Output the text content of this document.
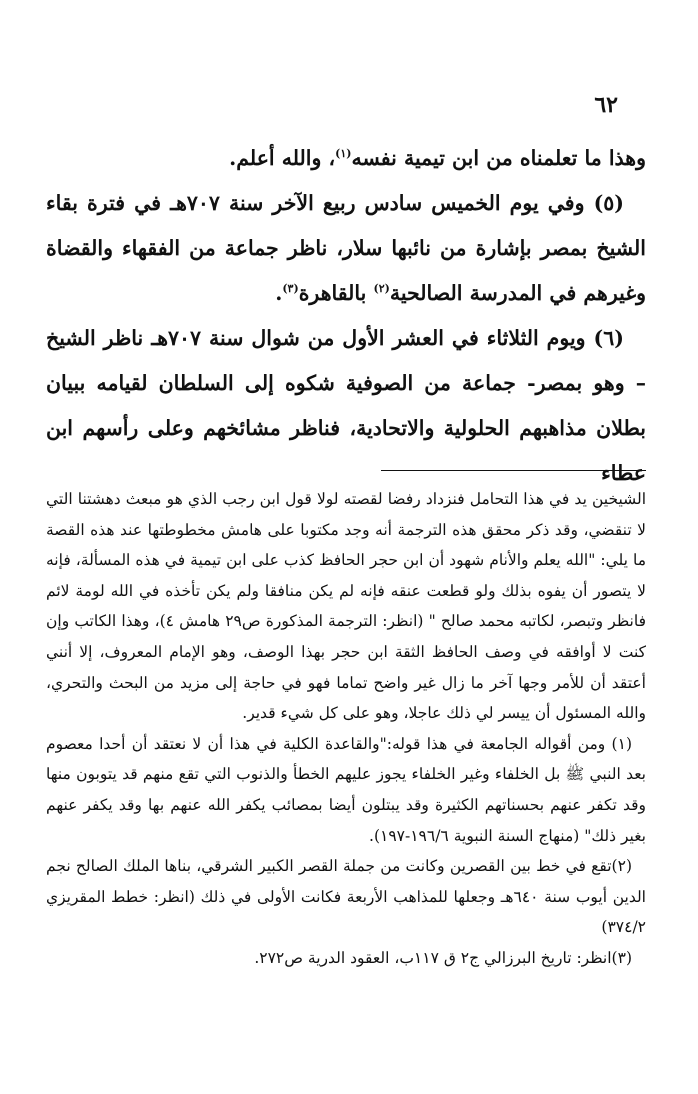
٦٢

وهذا ما تعلمناه من ابن تيمية نفسه$^{(١)}$، والله أعلم.

(٥) وفي يوم الخميس سادس ربيع الآخر سنة ٧٠٧هـ في فترة بقاء الشيخ بمصر بإشارة من نائبها سلار، ناظر جماعة من الفقهاء والقضاة وغيرهم في المدرسة الصالحية$^{(٢)}$ بالقاهرة$^{(٣)}$.

(٦) ويوم الثلاثاء في العشر الأول من شوال سنة ٧٠٧هـ ناظر الشيخ – وهو بمصر- جماعة من الصوفية شكوه إلى السلطان لقيامه ببيان بطلان مذاهبهم الحلولية والاتحادية، فناظر مشائخهم وعلى رأسهم ابن عطاء

الشيخين يد في هذا التحامل فنزداد رفضا لقصته لولا قول ابن رجب الذي هو مبعث دهشتنا التي لا تنقضي، وقد ذكر محقق هذه الترجمة أنه وجد مكتوبا على هامش مخطوطتها عند هذه القصة ما يلي: "الله يعلم والأنام شهود أن ابن حجر الحافظ كذب على ابن تيمية في هذه المسألة، فإنه لا يتصور أن يفوه بذلك ولو قطعت عنقه فإنه لم يكن منافقا ولم يكن تأخذه في الله لومة لائم فانظر وتبصر، لكاتبه محمد صالح " (انظر: الترجمة المذكورة ص٢٩ هامش ٤)، وهذا الكاتب وإن كنت لا أوافقه في وصف الحافظ الثقة ابن حجر بهذا الوصف، وهو الإمام المعروف، إلا أنني أعتقد أن للأمر وجها آخر ما زال غير واضح تماما فهو في حاجة إلى مزيد من البحث والتحري، والله المسئول أن ييسر لي ذلك عاجلا، وهو على كل شيء قدير.

(١) ومن أقواله الجامعة في هذا قوله:"والقاعدة الكلية في هذا أن لا نعتقد أن أحدا معصوم بعد النبي ﷺ بل الخلفاء وغير الخلفاء يجوز عليهم الخطأ والذنوب التي تقع منهم قد يتوبون منها وقد تكفر عنهم بحسناتهم الكثيرة وقد يبتلون أيضا بمصائب يكفر الله عنهم بها وقد يكفر عنهم بغير ذلك" (منهاج السنة النبوية ١٩٦/٦-١٩٧).

(٢)تقع في خط بين القصرين وكانت من جملة القصر الكبير الشرقي، بناها الملك الصالح نجم الدين أيوب سنة ٦٤٠هـ وجعلها للمذاهب الأربعة فكانت الأولى في ذلك (انظر: خطط المقريزي ٣٧٤/٢)

(٣)انظر: تاريخ البرزالي ج٢ ق ١١٧ب، العقود الدرية ص٢٧٢.
